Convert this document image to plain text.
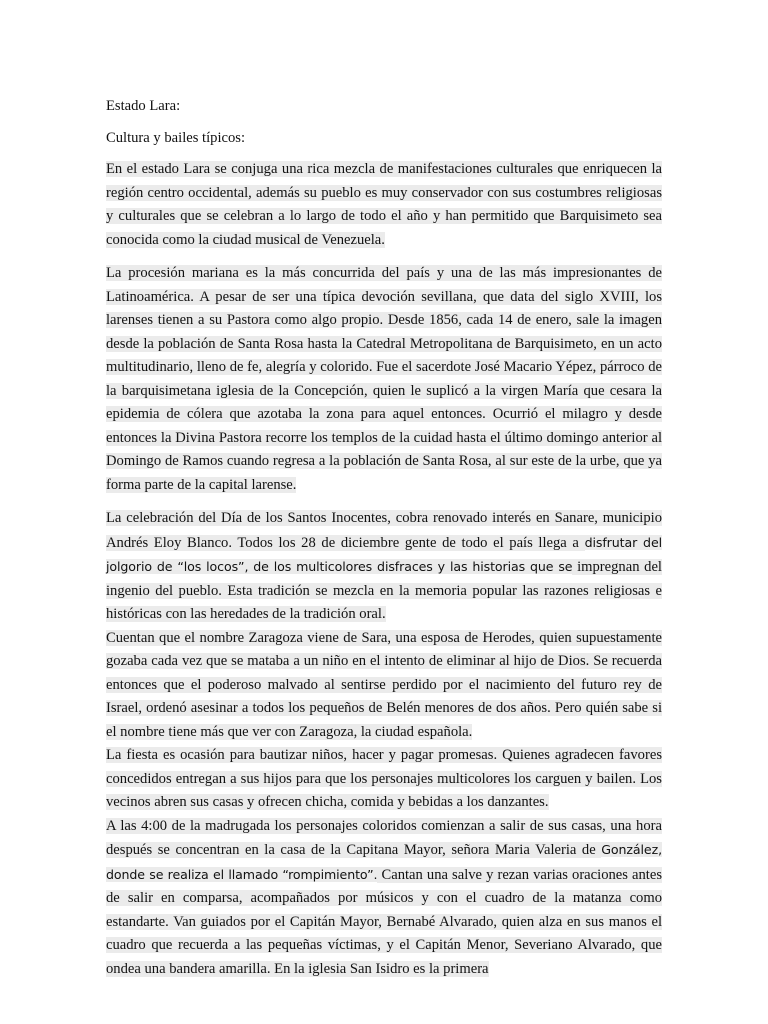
Estado Lara:
Cultura y bailes típicos:

En el estado Lara se conjuga una rica mezcla de manifestaciones culturales que enriquecen la región centro occidental, además su pueblo es muy conservador con sus costumbres religiosas y culturales que se celebran a lo largo de todo el año y han permitido que Barquisimeto sea conocida como la ciudad musical de Venezuela.

La procesión mariana es la más concurrida del país y una de las más impresionantes de Latinoamérica. A pesar de ser una típica devoción sevillana, que data del siglo XVIII, los larenses tienen a su Pastora como algo propio. Desde 1856, cada 14 de enero, sale la imagen desde la población de Santa Rosa hasta la Catedral Metropolitana de Barquisimeto, en un acto multitudinario, lleno de fe, alegría y colorido. Fue el sacerdote José Macario Yépez, párroco de la barquisimetana iglesia de la Concepción, quien le suplicó a la virgen María que cesara la epidemia de cólera que azotaba la zona para aquel entonces. Ocurrió el milagro y desde entonces la Divina Pastora recorre los templos de la cuidad hasta el último domingo anterior al Domingo de Ramos cuando regresa a la población de Santa Rosa, al sur este de la urbe, que ya forma parte de la capital larense.

La celebración del Día de los Santos Inocentes, cobra renovado interés en Sanare, municipio Andrés Eloy Blanco. Todos los 28 de diciembre gente de todo el país llega a disfrutar del jolgorio de “los locos”, de los multicolores disfraces y las historias que se impregnan del ingenio del pueblo. Esta tradición se mezcla en la memoria popular las razones religiosas e históricas con las heredades de la tradición oral.

Cuentan que el nombre Zaragoza viene de Sara, una esposa de Herodes, quien supuestamente gozaba cada vez que se mataba a un niño en el intento de eliminar al hijo de Dios. Se recuerda entonces que el poderoso malvado al sentirse perdido por el nacimiento del futuro rey de Israel, ordenó asesinar a todos los pequeños de Belén menores de dos años. Pero quién sabe si el nombre tiene más que ver con Zaragoza, la ciudad española.

La fiesta es ocasión para bautizar niños, hacer y pagar promesas. Quienes agradecen favores concedidos entregan a sus hijos para que los personajes multicolores los carguen y bailen. Los vecinos abren sus casas y ofrecen chicha, comida y bebidas a los danzantes.

A las 4:00 de la madrugada los personajes coloridos comienzan a salir de sus casas, una hora después se concentran en la casa de la Capitana Mayor, señora Maria Valeria de González, donde se realiza el llamado “rompimiento”. Cantan una salve y rezan varias oraciones antes de salir en comparsa, acompañados por músicos y con el cuadro de la matanza como estandarte. Van guiados por el Capitán Mayor, Bernabé Alvarado, quien alza en sus manos el cuadro que recuerda a las pequeñas víctimas, y el Capitán Menor, Severiano Alvarado, que ondea una bandera amarilla. En la iglesia San Isidro es la primera
